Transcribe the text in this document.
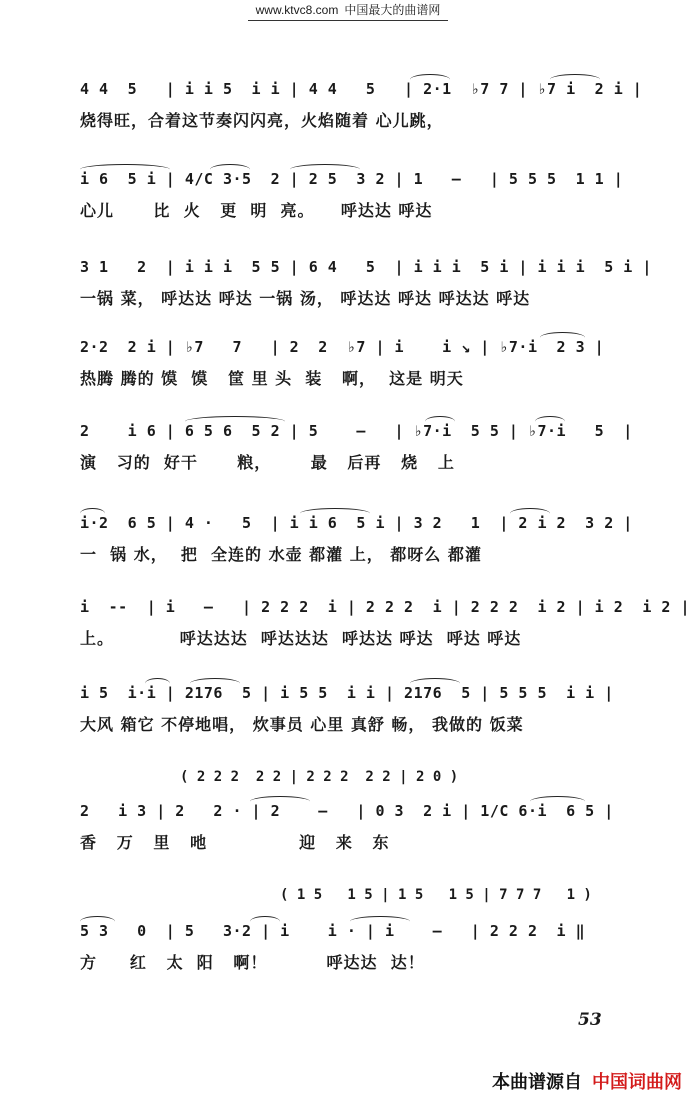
www.ktvc8.com 中国最大的曲谱网
4 4  5   | i i 5  i i | 4 4   5   | 2·1  ♭7 7 | ♭7 i  2 i |
烧得旺，合着这节奏闪闪亮，火焰随着 心儿跳，
i 6  5 i | 4/C 3·5  2 | 2 5  3 2 | 1   —   | 5 5 5  1 1 |
心儿      比  火   更  明  亮。    呼达达 呼达
3 1   2  | i i i  5 5 | 6 4   5  | i i i  5 i | i i i  5 i |
一锅 菜， 呼达达 呼达 一锅 汤， 呼达达 呼达 呼达达 呼达
2·2  2 i | ♭7   7   | 2  2  ♭7 | i    i ↘ | ♭7·i  2 3 |
热腾 腾的 馍  馍   筐 里 头  装   啊，  这是 明天
2    i 6 | 6 5 6  5 2 | 5    —   | ♭7·i  5 5 | ♭7·i   5  |
演   习的  好干      粮，      最   后再   烧   上
i·2  6 5 | 4 ·   5  | i i 6  5 i | 3 2   1  | 2 i 2  3 2 |
一  锅 水，  把  全连的 水壶 都灌 上， 都呀么 都灌
i  --  | i   —   | 2 2 2  i | 2 2 2  i | 2 2 2  i 2 | i 2  i 2 |
上。          呼达达达  呼达达达  呼达达 呼达  呼达 呼达
i 5  i·i | 2176  5 | i 5 5  i i | 2176  5 | 5 5 5  i i |
大风 箱它 不停地唱， 炊事员 心里 真舒 畅， 我做的 饭菜
( 2 2 2  2 2 | 2 2 2  2 2 | 2 0 )
2   i 3 | 2   2 · | 2    —   | 0 3  2 i | 1/C 6·i  6 5 |
香   万   里   吔              迎   来   东
( 1 5   1 5 | 1 5   1 5 | 7 7 7   1 )
5 3   0  | 5   3·2 | i    i · | i    —   | 2 2 2  i ‖
方     红   太  阳   啊！         呼达达  达！
53
本曲谱源自 中国词曲网
